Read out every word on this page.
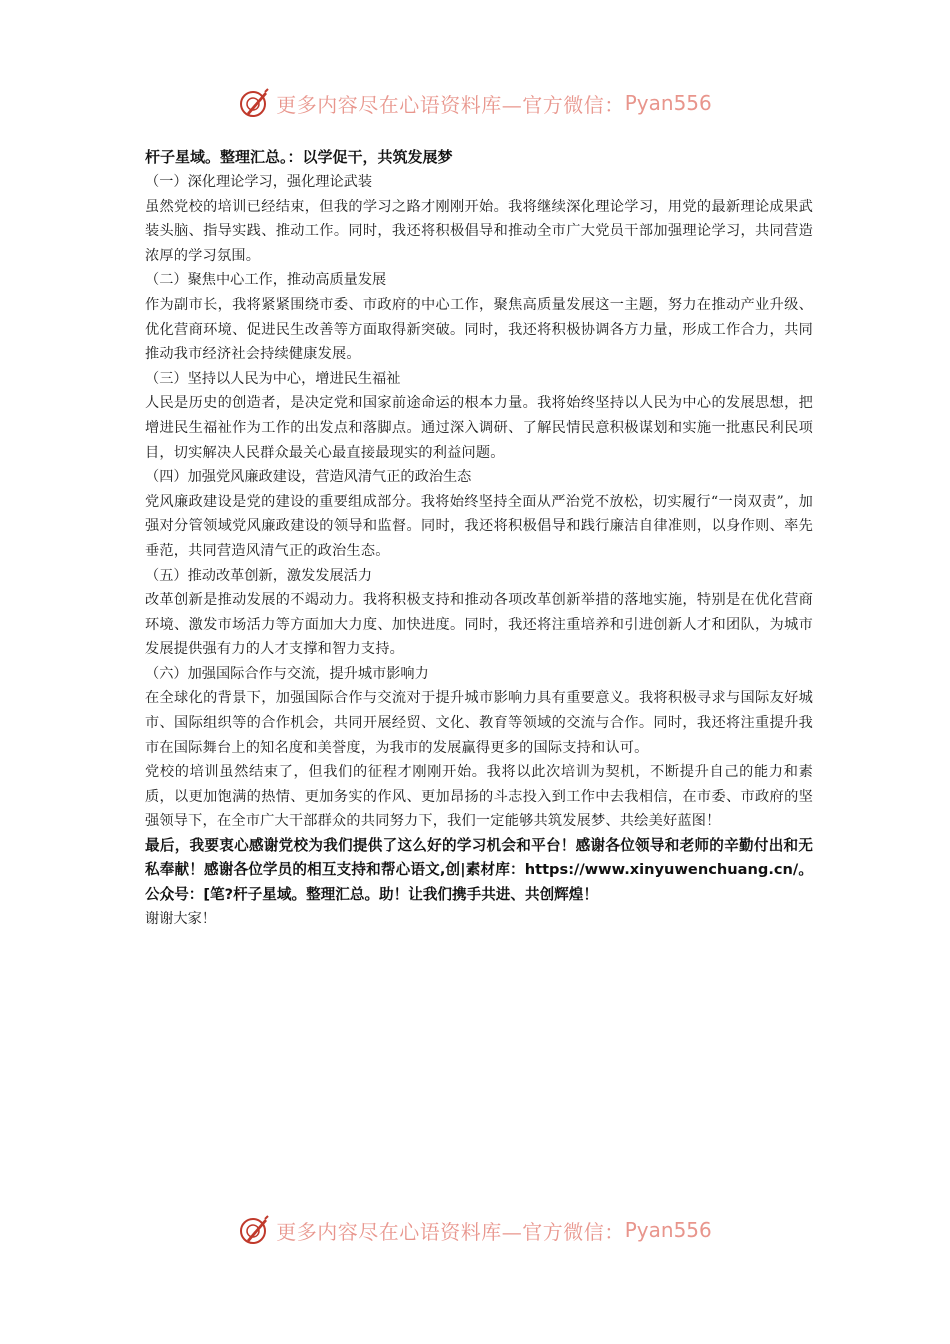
更多内容尽在心语资料库—官方微信： Pyan556

杆子星域。整理汇总。：以学促干，共筑发展梦

（一）深化理论学习，强化理论武装

虽然党校的培训已经结束，但我的学习之路才刚刚开始。我将继续深化理论学习，用党的最新理论成果武装头脑、指导实践、推动工作。同时，我还将积极倡导和推动全市广大党员干部加强理论学习，共同营造浓厚的学习氛围。

（二）聚焦中心工作，推动高质量发展

作为副市长，我将紧紧围绕市委、市政府的中心工作，聚焦高质量发展这一主题，努力在推动产业升级、优化营商环境、促进民生改善等方面取得新突破。同时，我还将积极协调各方力量，形成工作合力，共同推动我市经济社会持续健康发展。

（三）坚持以人民为中心，增进民生福祉

人民是历史的创造者，是决定党和国家前途命运的根本力量。我将始终坚持以人民为中心的发展思想，把增进民生福祉作为工作的出发点和落脚点。通过深入调研、了解民情民意积极谋划和实施一批惠民利民项目，切实解决人民群众最关心最直接最现实的利益问题。

（四）加强党风廉政建设，营造风清气正的政治生态

党风廉政建设是党的建设的重要组成部分。我将始终坚持全面从严治党不放松，切实履行“一岗双责”，加强对分管领域党风廉政建设的领导和监督。同时，我还将积极倡导和践行廉洁自律准则，以身作则、率先垂范，共同营造风清气正的政治生态。

（五）推动改革创新，激发发展活力

改革创新是推动发展的不竭动力。我将积极支持和推动各项改革创新举措的落地实施，特别是在优化营商环境、激发市场活力等方面加大力度、加快进度。同时，我还将注重培养和引进创新人才和团队，为城市发展提供强有力的人才支撑和智力支持。

（六）加强国际合作与交流，提升城市影响力

在全球化的背景下，加强国际合作与交流对于提升城市影响力具有重要意义。我将积极寻求与国际友好城市、国际组织等的合作机会，共同开展经贸、文化、教育等领域的交流与合作。同时，我还将注重提升我市在国际舞台上的知名度和美誉度，为我市的发展赢得更多的国际支持和认可。

党校的培训虽然结束了，但我们的征程才刚刚开始。我将以此次培训为契机，不断提升自己的能力和素质，以更加饱满的热情、更加务实的作风、更加昂扬的斗志投入到工作中去我相信，在市委、市政府的坚强领导下，在全市广大干部群众的共同努力下，我们一定能够共筑发展梦、共绘美好蓝图！

最后，我要衷心感谢党校为我们提供了这么好的学习机会和平台！感谢各位领导和老师的辛勤付出和无私奉献！感谢各位学员的相互支持和帮心语文,创|素材库：https://www.xinyuwenchuang.cn/。公众号：[笔?杆子星域。整理汇总。助！让我们携手共进、共创辉煌！

谢谢大家！

更多内容尽在心语资料库—官方微信： Pyan556
